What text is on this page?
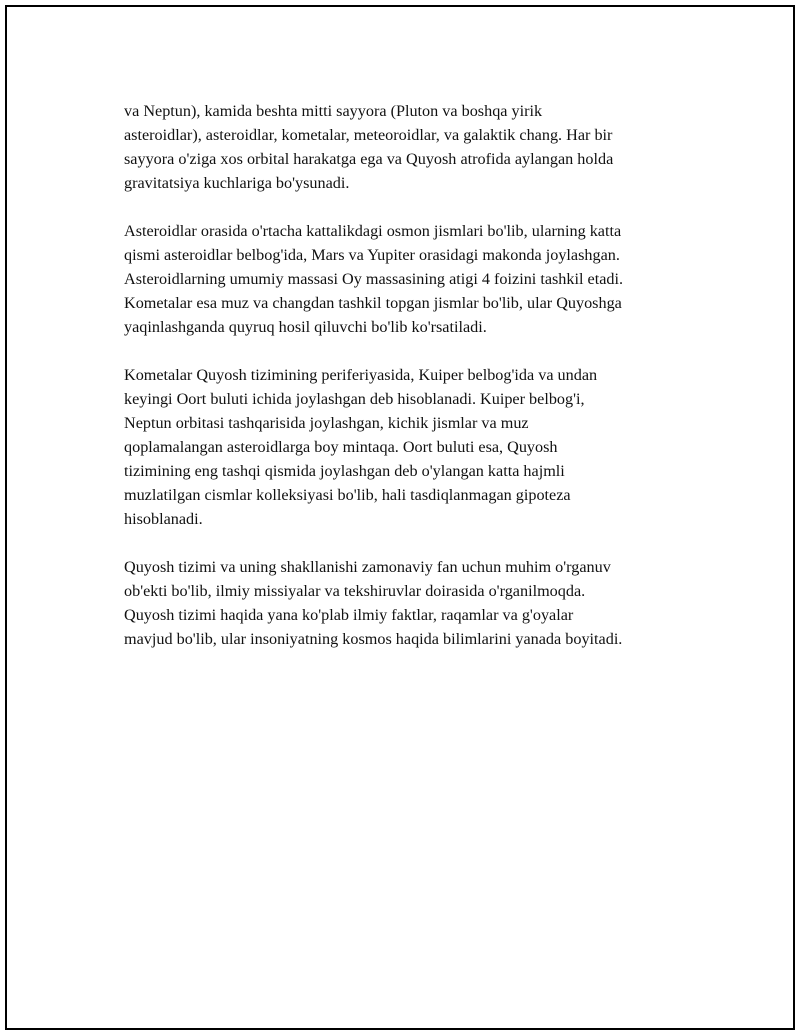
va Neptun), kamida beshta mitti sayyora (Pluton va boshqa yirik
asteroidlar), asteroidlar, kometalar, meteoroidlar, va galaktik chang. Har bir
sayyora o'ziga xos orbital harakatga ega va Quyosh atrofida aylangan holda
gravitatsiya kuchlariga bo'ysunadi.

Asteroidlar orasida o'rtacha kattalikdagi osmon jismlari bo'lib, ularning katta
qismi asteroidlar belbog'ida, Mars va Yupiter orasidagi makonda joylashgan.
Asteroidlarning umumiy massasi Oy massasining atigi 4 foizini tashkil etadi.
Kometalar esa muz va changdan tashkil topgan jismlar bo'lib, ular Quyoshga
yaqinlashganda quyruq hosil qiluvchi bo'lib ko'rsatiladi.

Kometalar Quyosh tizimining periferiyasida, Kuiper belbog'ida va undan
keyingi Oort buluti ichida joylashgan deb hisoblanadi. Kuiper belbog'i,
Neptun orbitasi tashqarisida joylashgan, kichik jismlar va muz
qoplamalangan asteroidlarga boy mintaqa. Oort buluti esa, Quyosh
tizimining eng tashqi qismida joylashgan deb o'ylangan katta hajmli
muzlatilgan cismlar kolleksiyasi bo'lib, hali tasdiqlanmagan gipoteza
hisoblanadi.

Quyosh tizimi va uning shakllanishi zamonaviy fan uchun muhim o'rganuv
ob'ekti bo'lib, ilmiy missiyalar va tekshiruvlar doirasida o'rganilmoqda.
Quyosh tizimi haqida yana ko'plab ilmiy faktlar, raqamlar va g'oyalar
mavjud bo'lib, ular insoniyatning kosmos haqida bilimlarini yanada boyitadi.
